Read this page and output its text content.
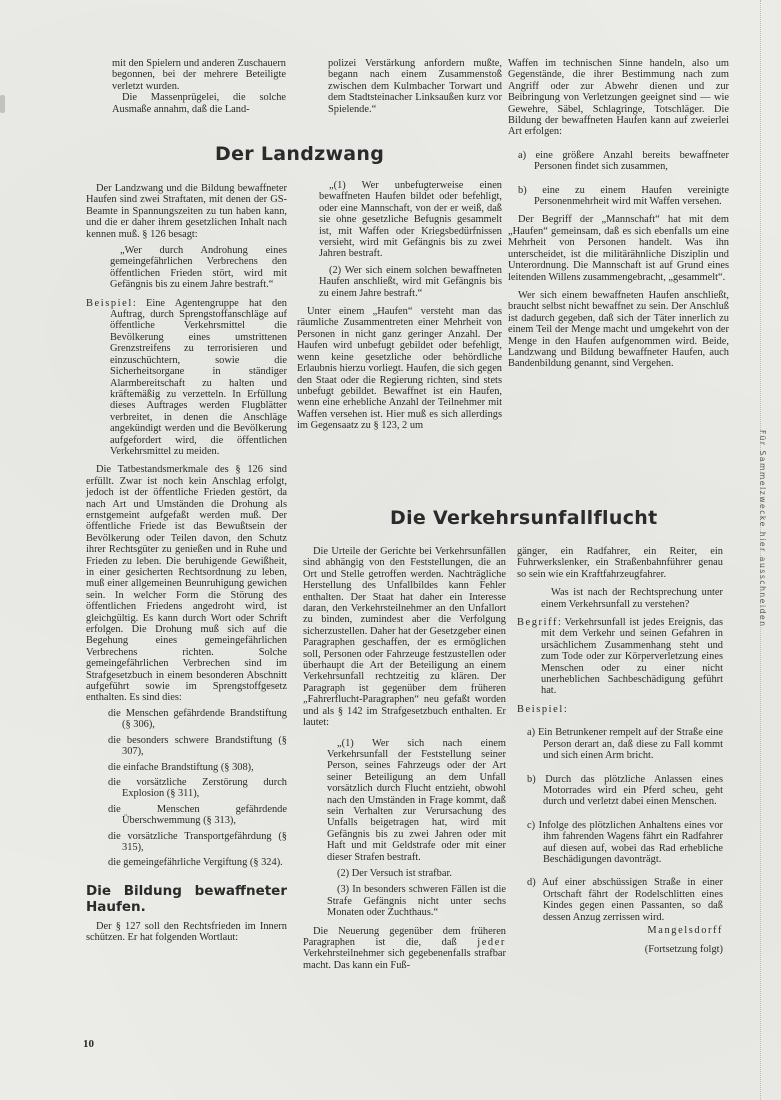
Für Sammelzwecke hier ausschneiden

mit den Spielern und anderen Zuschauern begonnen, bei der mehrere Beteiligte verletzt wurden.

Die Massenprügelei, die solche Ausmaße annahm, daß die Land-

polizei Verstärkung anfordern mußte, begann nach einem Zusammenstoß zwischen dem Kulmbacher Torwart und dem Stadtsteinacher Linksaußen kurz vor Spielende.“

Der Landzwang

Der Landzwang und die Bildung bewaffneter Haufen sind zwei Straftaten, mit denen der GS-Beamte in Spannungszeiten zu tun haben kann, und die er daher ihrem gesetzlichen Inhalt nach kennen muß. § 126 besagt:

„Wer durch Androhung eines gemeingefährlichen Verbrechens den öffentlichen Frieden stört, wird mit Gefängnis bis zu einem Jahre bestraft.“

Beispiel: Eine Agentengruppe hat den Auftrag, durch Sprengstoffanschläge auf öffentliche Verkehrsmittel die Bevölkerung eines umstrittenen Grenzstreifens zu terrorisieren und einzuschüchtern, sowie die Sicherheitsorgane in ständiger Alarmbereitschaft zu halten und kräftemäßig zu verzetteln. In Erfüllung dieses Auftrages werden Flugblätter verbreitet, in denen die Anschläge angekündigt werden und die Bevölkerung aufgefordert wird, die öffentlichen Verkehrsmittel zu meiden.

Die Tatbestandsmerkmale des § 126 sind erfüllt. Zwar ist noch kein Anschlag erfolgt, jedoch ist der öffentliche Frieden gestört, da nach Art und Umständen die Drohung als ernstgemeint aufgefaßt werden muß. Der öffentliche Friede ist das Bewußtsein der Bevölkerung oder Teilen davon, den Schutz ihrer Rechtsgüter zu genießen und in Ruhe und Frieden zu leben. Die beruhigende Gewißheit, in einer gesicherten Rechtsordnung zu leben, muß einer allgemeinen Beunruhigung gewichen sein. In welcher Form die Störung des öffentlichen Friedens angedroht wird, ist gleichgültig. Es kann durch Wort oder Schrift erfolgen. Die Drohung muß sich auf die Begehung eines gemeingefährlichen Verbrechens richten. Solche gemeingefährlichen Verbrechen sind im Strafgesetzbuch in einem besonderen Abschnitt aufgeführt sowie im Sprengstoffgesetz enthalten. Es sind dies:

die Menschen gefährdende Brandstiftung (§ 306),

die besonders schwere Brandstiftung (§ 307),

die einfache Brandstiftung (§ 308),

die vorsätzliche Zerstörung durch Explosion (§ 311),

die Menschen gefährdende Überschwemmung (§ 313),

die vorsätzliche Transportgefährdung (§ 315),

die gemeingefährliche Vergiftung (§ 324).

Die Bildung bewaffneter Haufen.

Der § 127 soll den Rechtsfrieden im Innern schützen. Er hat folgenden Wortlaut:

„(1) Wer unbefugterweise einen bewaffneten Haufen bildet oder befehligt, oder eine Mannschaft, von der er weiß, daß sie ohne gesetzliche Befugnis gesammelt ist, mit Waffen oder Kriegsbedürfnissen versieht, wird mit Gefängnis bis zu zwei Jahren bestraft.

(2) Wer sich einem solchen bewaffneten Haufen anschließt, wird mit Gefängnis bis zu einem Jahre bestraft.“

Unter einem „Haufen“ versteht man das räumliche Zusammentreten einer Mehrheit von Personen in nicht ganz geringer Anzahl. Der Haufen wird unbefugt gebildet oder befehligt, wenn keine gesetzliche oder behördliche Erlaubnis hierzu vorliegt. Haufen, die sich gegen den Staat oder die Regierung richten, sind stets unbefugt gebildet. Bewaffnet ist ein Haufen, wenn eine erhebliche Anzahl der Teilnehmer mit Waffen versehen ist. Hier muß es sich allerdings im Gegensaatz zu § 123, 2 um

Waffen im technischen Sinne handeln, also um Gegenstände, die ihrer Bestimmung nach zum Angriff oder zur Abwehr dienen und zur Beibringung von Verletzungen geeignet sind — wie Gewehre, Säbel, Schlagringe, Totschläger. Die Bildung der bewaffneten Haufen kann auf zweierlei Art erfolgen:

a) eine größere Anzahl bereits bewaffneter Personen findet sich zusammen,

b) eine zu einem Haufen vereinigte Personenmehrheit wird mit Waffen versehen.

Der Begriff der „Mannschaft“ hat mit dem „Haufen“ gemeinsam, daß es sich ebenfalls um eine Mehrheit von Personen handelt. Was ihn unterscheidet, ist die militärähnliche Disziplin und Unterordnung. Die Mannschaft ist auf Grund eines leitenden Willens zusammengebracht, „gesammelt“.

Wer sich einem bewaffneten Haufen anschließt, braucht selbst nicht bewaffnet zu sein. Der Anschluß ist dadurch gegeben, daß sich der Täter innerlich zu einem Teil der Menge macht und umgekehrt von der Menge in den Haufen aufgenommen wird. Beide, Landzwang und Bildung bewaffneter Haufen, auch Bandenbildung genannt, sind Vergehen.

Die Verkehrsunfallflucht

Die Urteile der Gerichte bei Verkehrsunfällen sind abhängig von den Feststellungen, die an Ort und Stelle getroffen werden. Nachträgliche Herstellung des Unfallbildes kann Fehler enthalten. Der Staat hat daher ein Interesse daran, den Verkehrsteilnehmer an den Unfallort zu binden, zumindest aber die Verfolgung sicherzustellen. Daher hat der Gesetzgeber einen Paragraphen geschaffen, der es ermöglichen soll, Personen oder Fahrzeuge festzustellen oder überhaupt die Art der Beteiligung an einem Verkehrsunfall rechtzeitig zu klären. Der Paragraph ist gegenüber dem früheren „Fahrerflucht-Paragraphen“ neu gefaßt worden und als § 142 im Strafgesetzbuch enthalten. Er lautet:

„(1) Wer sich nach einem Verkehrsunfall der Feststellung seiner Person, seines Fahrzeugs oder der Art seiner Beteiligung an dem Unfall vorsätzlich durch Flucht entzieht, obwohl nach den Umständen in Frage kommt, daß sein Verhalten zur Verursachung des Unfalls beigetragen hat, wird mit Gefängnis bis zu zwei Jahren oder mit Haft und mit Geldstrafe oder mit einer dieser Strafen bestraft.

(2) Der Versuch ist strafbar.

(3) In besonders schweren Fällen ist die Strafe Gefängnis nicht unter sechs Monaten oder Zuchthaus.“

Die Neuerung gegenüber dem früheren Paragraphen ist die, daß jeder Verkehrsteilnehmer sich gegebenenfalls strafbar macht. Das kann ein Fuß-

gänger, ein Radfahrer, ein Reiter, ein Fuhrwerkslenker, ein Straßenbahnführer genau so sein wie ein Kraftfahrzeugfahrer.

Was ist nach der Rechtsprechung unter einem Verkehrsunfall zu verstehen?

Begriff: Verkehrsunfall ist jedes Ereignis, das mit dem Verkehr und seinen Gefahren in ursächlichem Zusammenhang steht und zum Tode oder zur Körperverletzung eines Menschen oder zu einer nicht unerheblichen Sachbeschädigung geführt hat.

Beispiel:

a) Ein Betrunkener rempelt auf der Straße eine Person derart an, daß diese zu Fall kommt und sich einen Arm bricht.

b) Durch das plötzliche Anlassen eines Motorrades wird ein Pferd scheu, geht durch und verletzt dabei einen Menschen.

c) Infolge des plötzlichen Anhaltens eines vor ihm fahrenden Wagens fährt ein Radfahrer auf diesen auf, wobei das Rad erhebliche Beschädigungen davonträgt.

d) Auf einer abschüssigen Straße in einer Ortschaft fährt der Rodelschlitten eines Kindes gegen einen Passanten, so daß dessen Anzug zerrissen wird.

Mangelsdorff

(Fortsetzung folgt)

10
